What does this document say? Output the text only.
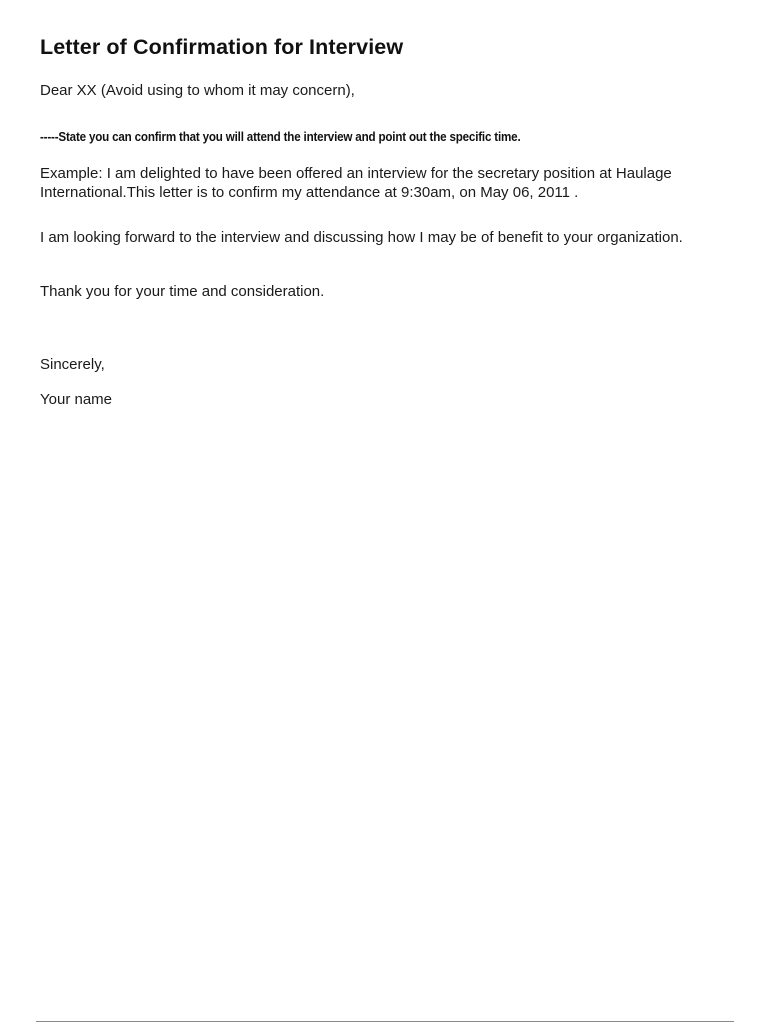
Letter of Confirmation for Interview

Dear XX (Avoid using to whom it may concern),

-----State you can confirm that you will attend the interview and point out the specific time.

Example: I am delighted to have been offered an interview for the secretary position at Haulage
International.This letter is to confirm my attendance at 9:30am, on May 06, 2011 .

I am looking forward to the interview and discussing how I may be of benefit to your organization.

Thank you for your time and consideration.

Sincerely,

Your name
